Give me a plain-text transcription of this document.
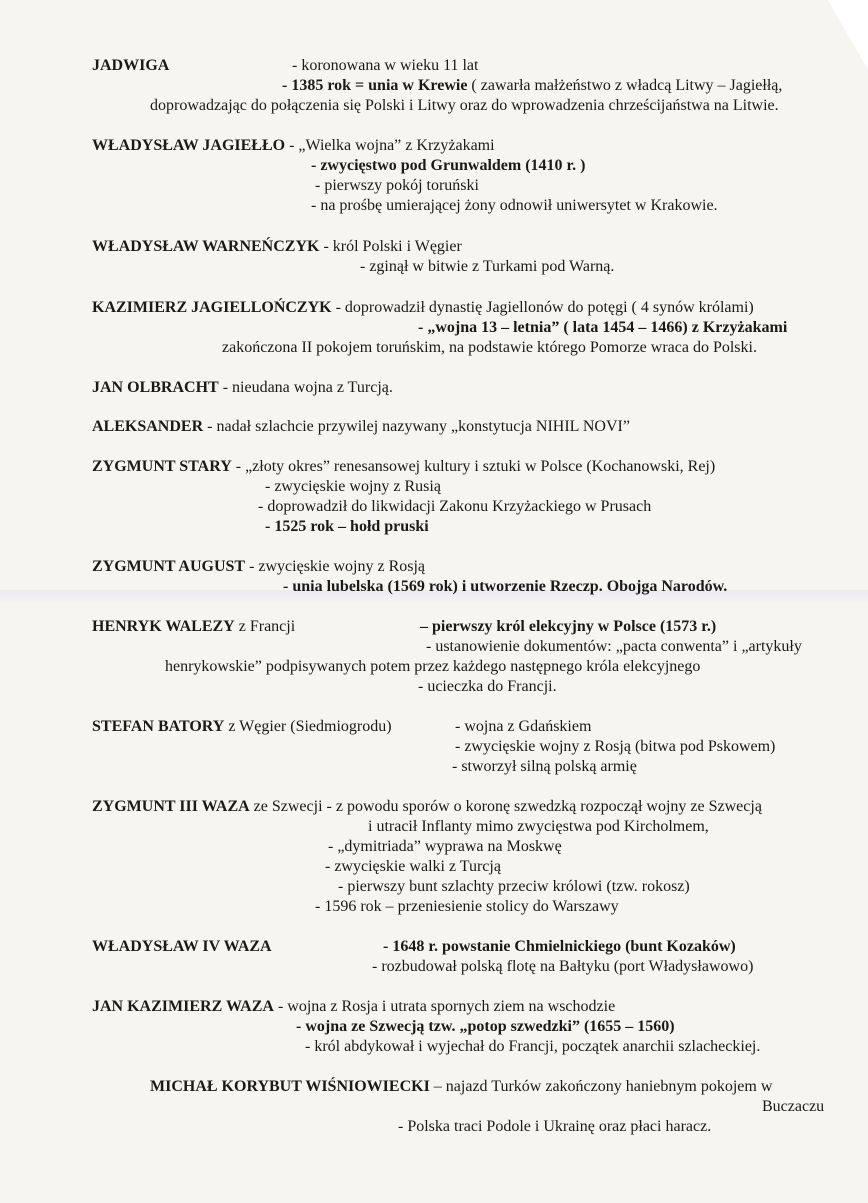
JADWIGA	- koronowana w wieku 11 lat
- 1385 rok = unia w Krewie ( zawarła małżeństwo z władcą Litwy – Jagiełłą,
doprowadzając do połączenia się Polski i Litwy oraz do wprowadzenia chrześcijaństwa na Litwie.
WŁADYSŁAW JAGIEŁŁO - „Wielka wojna” z Krzyżakami
- zwycięstwo pod Grunwaldem (1410 r. )
- pierwszy pokój toruński
- na prośbę umierającej żony odnowił uniwersytet w Krakowie.
WŁADYSŁAW WARNEŃCZYK - król Polski i Węgier
- zginął w bitwie z Turkami pod Warną.
KAZIMIERZ JAGIELLOŃCZYK - doprowadził dynastię Jagiellonów do potęgi ( 4 synów królami)
- „wojna 13 – letnia” ( lata 1454 – 1466) z Krzyżakami
zakończona II pokojem toruńskim, na podstawie którego Pomorze wraca do Polski.
JAN OLBRACHT - nieudana wojna z Turcją.
ALEKSANDER - nadał szlachcie przywilej nazywany „konstytucja NIHIL NOVI”
ZYGMUNT STARY - „złoty okres” renesansowej kultury i sztuki w Polsce (Kochanowski, Rej)
- zwycięskie wojny z Rusią
- doprowadził do likwidacji Zakonu Krzyżackiego w Prusach
- 1525 rok – hołd pruski
ZYGMUNT AUGUST - zwycięskie wojny z Rosją
- unia lubelska (1569 rok) i utworzenie Rzeczp. Obojga Narodów.
HENRYK WALEZY z Francji	– pierwszy król elekcyjny w Polsce (1573 r.)
- ustanowienie dokumentów: „pacta conwenta” i „artykuły
henrykowskie” podpisywanych potem przez każdego następnego króla elekcyjnego
- ucieczka do Francji.
STEFAN BATORY z Węgier (Siedmiogrodu)	- wojna z Gdańskiem
- zwycięskie wojny z Rosją (bitwa pod Pskowem)
- stworzył silną polską armię
ZYGMUNT III WAZA ze Szwecji - z powodu sporów o koronę szwedzką rozpoczął wojny ze Szwecją
i utracił Inflanty mimo zwycięstwa pod Kircholmem,
- „dymitriada” wyprawa na Moskwę
- zwycięskie walki z Turcją
- pierwszy bunt szlachty przeciw królowi (tzw. rokosz)
- 1596 rok – przeniesienie stolicy do Warszawy
WŁADYSŁAW IV WAZA	- 1648 r. powstanie Chmielnickiego (bunt Kozaków)
- rozbudował polską flotę na Bałtyku (port Władysławowo)
JAN KAZIMIERZ WAZA - wojna z Rosja i utrata spornych ziem na wschodzie
- wojna ze Szwecją tzw. „potop szwedzki” (1655 – 1560)
- król abdykował i wyjechał do Francji, początek anarchii szlacheckiej.
MICHAŁ KORYBUT WIŚNIOWIECKI – najazd Turków zakończony haniebnym pokojem w
Buczaczu
- Polska traci Podole i Ukrainę oraz płaci haracz.
